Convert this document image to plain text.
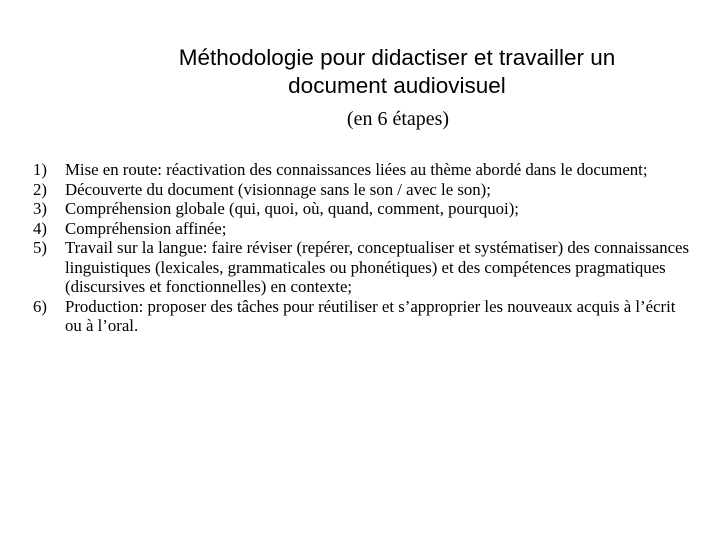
Méthodologie pour didactiser et travailler un
document audiovisuel
(en 6 étapes)
1) Mise en route: réactivation des connaissances liées au thème abordé dans le document;
2) Découverte du document (visionnage sans le son / avec le son);
3) Compréhension globale (qui, quoi, où, quand, comment, pourquoi);
4) Compréhension affinée;
5) Travail sur la langue: faire réviser (repérer, conceptualiser et systématiser) des connaissances linguistiques (lexicales, grammaticales ou phonétiques) et des compétences pragmatiques (discursives et fonctionnelles) en contexte;
6) Production: proposer des tâches pour réutiliser et s’approprier les nouveaux acquis à l’écrit ou à l’oral.
